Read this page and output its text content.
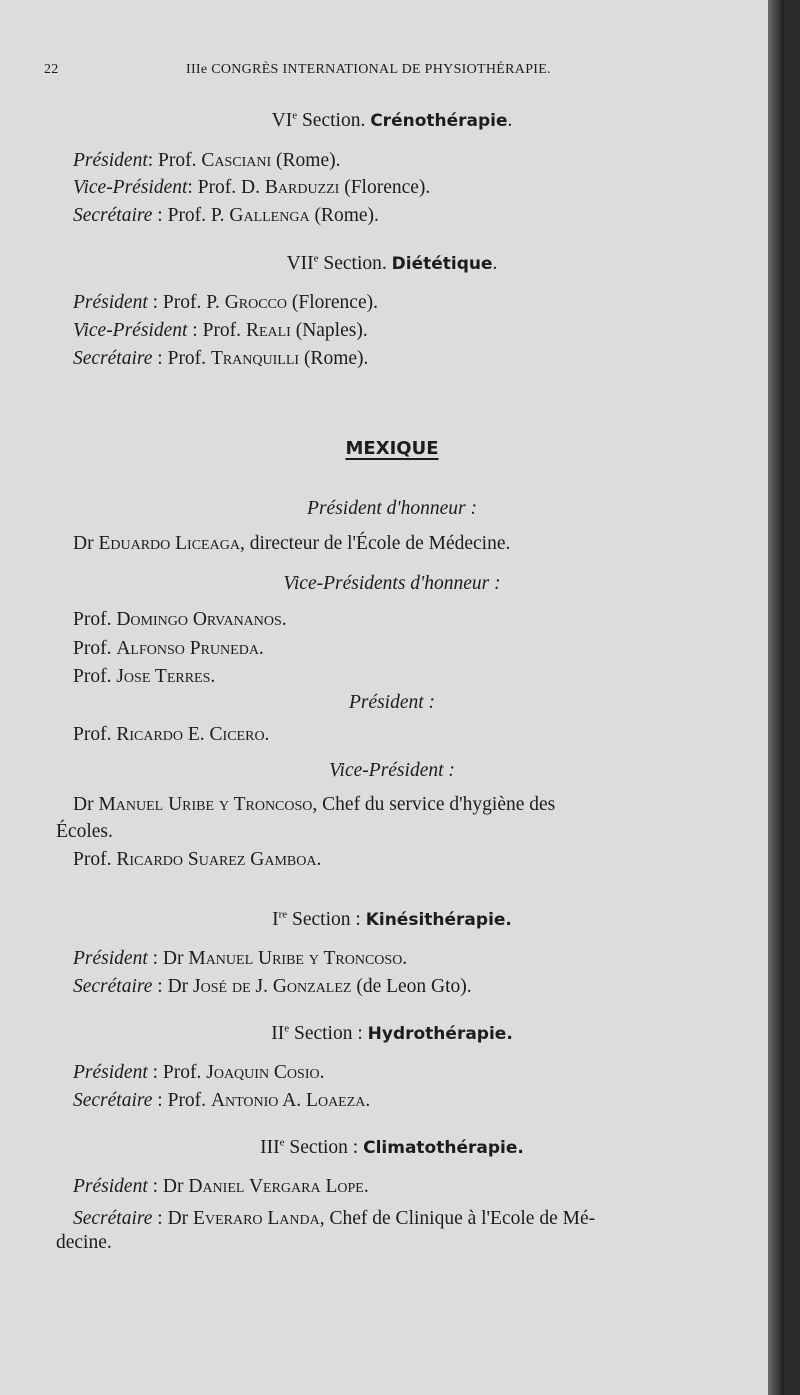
22	IIIe CONGRÈS INTERNATIONAL DE PHYSIOTHÉRAPIE.
VIe Section. Crénothérapie.
Président: Prof. Casciani (Rome).
Vice-Président: Prof. D. Barduzzi (Florence).
Secrétaire : Prof. P. Gallenga (Rome).
VIIe Section. Diététique.
Président : Prof. P. Grocco (Florence).
Vice-Président : Prof. Reali (Naples).
Secrétaire : Prof. Tranquilli (Rome).
MEXIQUE
Président d'honneur :
Dr Eduardo Liceaga, directeur de l'École de Médecine.
Vice-Présidents d'honneur :
Prof. Domingo Orvananos.
Prof. Alfonso Pruneda.
Prof. Jose Terres.
Président :
Prof. Ricardo E. Cicero.
Vice-Président :
Dr Manuel Uribe y Troncoso, Chef du service d'hygiène des
Écoles.
Prof. Ricardo Suarez Gamboa.
Ire Section : Kinésithérapie.
Président : Dr Manuel Uribe y Troncoso.
Secrétaire : Dr José de J. Gonzalez (de Leon Gto).
IIe Section : Hydrothérapie.
Président : Prof. Joaquin Cosio.
Secrétaire : Prof. Antonio A. Loaeza.
IIIe Section : Climatothérapie.
Président : Dr Daniel Vergara Lope.
Secrétaire : Dr Everaro Landa, Chef de Clinique à l'Ecole de Mé-
decine.
